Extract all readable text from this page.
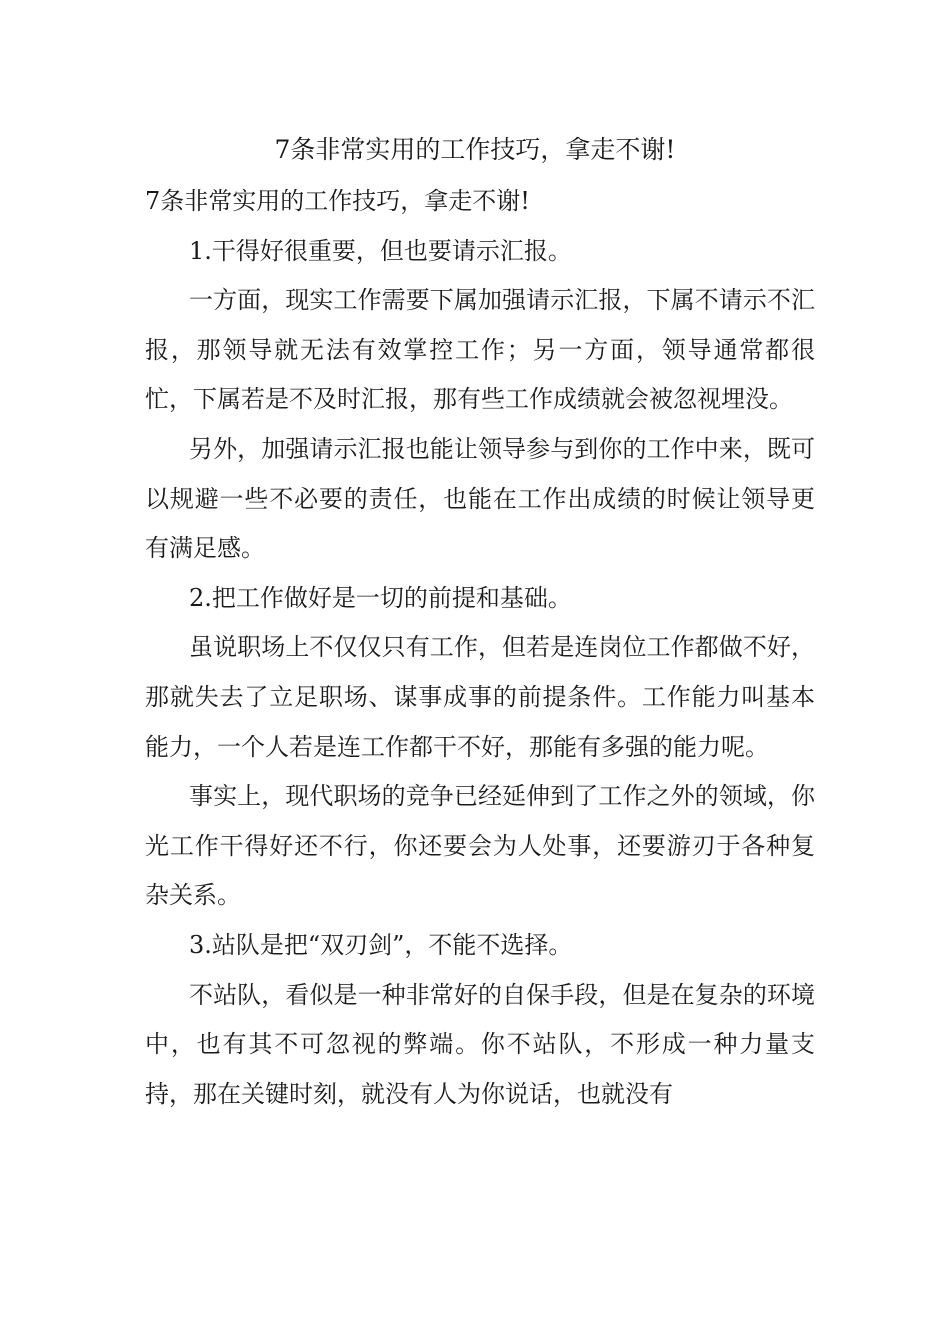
7条非常实用的工作技巧，拿走不谢!

7条非常实用的工作技巧，拿走不谢!

1.干得好很重要，但也要请示汇报。

一方面，现实工作需要下属加强请示汇报，下属不请示不汇报，那领导就无法有效掌控工作；另一方面，领导通常都很忙，下属若是不及时汇报，那有些工作成绩就会被忽视埋没。

另外，加强请示汇报也能让领导参与到你的工作中来，既可以规避一些不必要的责任，也能在工作出成绩的时候让领导更有满足感。

2.把工作做好是一切的前提和基础。

虽说职场上不仅仅只有工作，但若是连岗位工作都做不好，那就失去了立足职场、谋事成事的前提条件。工作能力叫基本能力，一个人若是连工作都干不好，那能有多强的能力呢。

事实上，现代职场的竞争已经延伸到了工作之外的领域，你光工作干得好还不行，你还要会为人处事，还要游刃于各种复杂关系。

3.站队是把“双刃剑”，不能不选择。

不站队，看似是一种非常好的自保手段，但是在复杂的环境中，也有其不可忽视的弊端。你不站队，不形成一种力量支持，那在关键时刻，就没有人为你说话，也就没有
